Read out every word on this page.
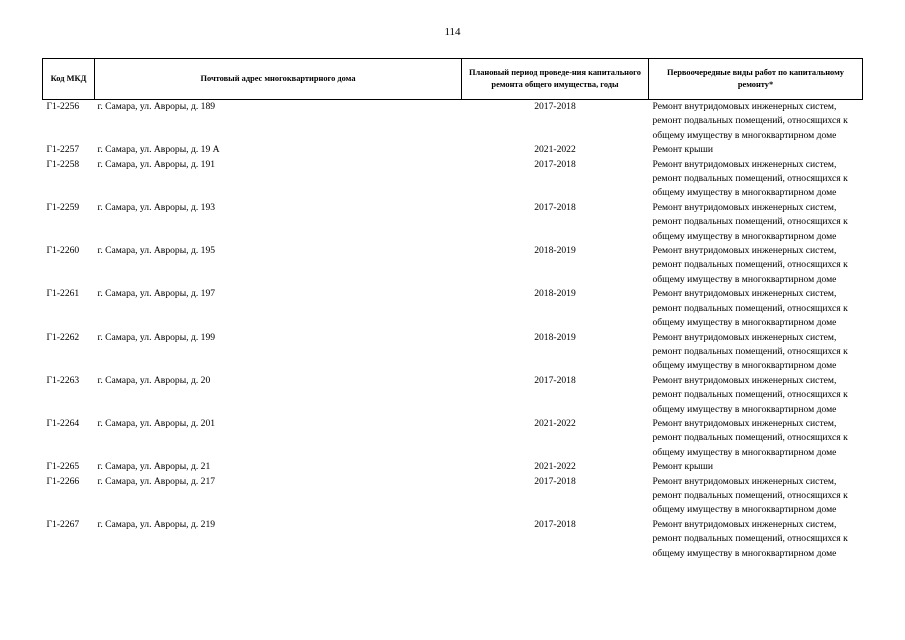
114
Код МКД	Почтовый адрес многоквартирного дома	Плановый период проведе-ния капитального ремонта общего имущества, годы	Первоочередные виды работ по капитальному ремонту*
Г1-2256	г. Самара, ул. Авроры, д. 189	2017-2018	Ремонт внутридомовых инженерных систем, ремонт подвальных помещений, относящихся к общему имуществу в многоквартирном доме
Г1-2257	г. Самара, ул. Авроры, д. 19 А	2021-2022	Ремонт крыши
Г1-2258	г. Самара, ул. Авроры, д. 191	2017-2018	Ремонт внутридомовых инженерных систем, ремонт подвальных помещений, относящихся к общему имуществу в многоквартирном доме
Г1-2259	г. Самара, ул. Авроры, д. 193	2017-2018	Ремонт внутридомовых инженерных систем, ремонт подвальных помещений, относящихся к общему имуществу в многоквартирном доме
Г1-2260	г. Самара, ул. Авроры, д. 195	2018-2019	Ремонт внутридомовых инженерных систем, ремонт подвальных помещений, относящихся к общему имуществу в многоквартирном доме
Г1-2261	г. Самара, ул. Авроры, д. 197	2018-2019	Ремонт внутридомовых инженерных систем, ремонт подвальных помещений, относящихся к общему имуществу в многоквартирном доме
Г1-2262	г. Самара, ул. Авроры, д. 199	2018-2019	Ремонт внутридомовых инженерных систем, ремонт подвальных помещений, относящихся к общему имуществу в многоквартирном доме
Г1-2263	г. Самара, ул. Авроры, д. 20	2017-2018	Ремонт внутридомовых инженерных систем, ремонт подвальных помещений, относящихся к общему имуществу в многоквартирном доме
Г1-2264	г. Самара, ул. Авроры, д. 201	2021-2022	Ремонт внутридомовых инженерных систем, ремонт подвальных помещений, относящихся к общему имуществу в многоквартирном доме
Г1-2265	г. Самара, ул. Авроры, д. 21	2021-2022	Ремонт крыши
Г1-2266	г. Самара, ул. Авроры, д. 217	2017-2018	Ремонт внутридомовых инженерных систем, ремонт подвальных помещений, относящихся к общему имуществу в многоквартирном доме
Г1-2267	г. Самара, ул. Авроры, д. 219	2017-2018	Ремонт внутридомовых инженерных систем, ремонт подвальных помещений, относящихся к общему имуществу в многоквартирном доме
